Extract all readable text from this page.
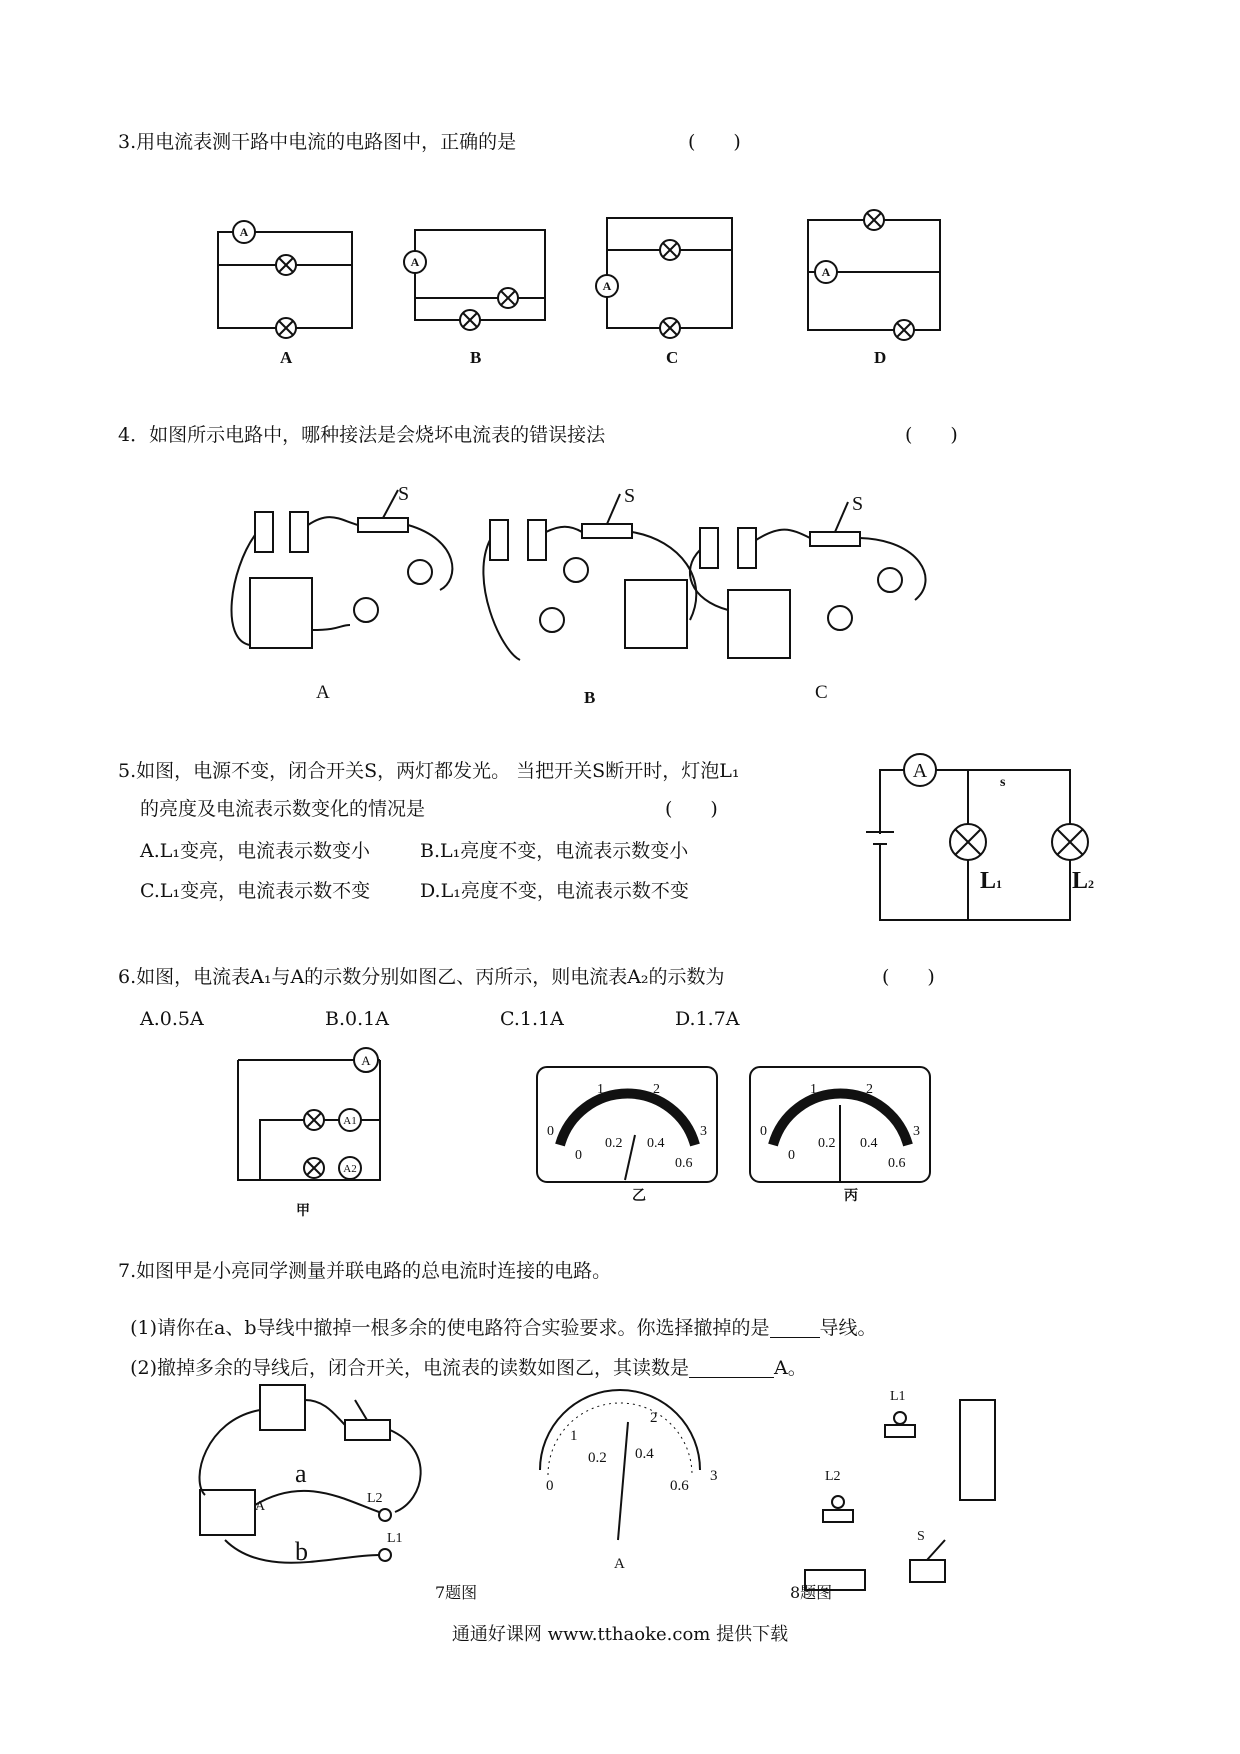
3.用电流表测干路中电流的电路图中，正确的是	(　　)
A
A
A
A
A	B	C	D
4．如图所示电路中，哪种接法是会烧坏电流表的错误接法	(　　)
S	S	S
A	B	C
5.如图，电源不变，闭合开关S，两灯都发光。 当把开关S断开时，灯泡L₁
的亮度及电流表示数变化的情况是	(　　)
A.L₁变亮，电流表示数变小	B.L₁亮度不变，电流表示数变小
C.L₁变亮，电流表示数不变	D.L₁亮度不变，电流表示数不变
A
s
L1	L2
6.如图，电流表A₁与A的示数分别如图乙、丙所示，则电流表A₂的示数为	(　　)
A.0.5A	B.0.1A	C.1.1A	D.1.7A
A
A1
A2
甲
0
1	2
3
0
0.2 0.4
0.6
乙
0
1	2
3
0
0.2 0.4
0.6
丙
7.如图甲是小亮同学测量并联电路的总电流时连接的电路。

(1)请你在a、b导线中撤掉一根多余的使电路符合实验要求。你选择撤掉的是	导线。

(2)撤掉多余的导线后，闭合开关，电流表的读数如图乙，其读数是	A。

a
b
L2
L1
A
1
2
3
0
0.2 0.4
0.6
A
L1
L2
S
7题图	8题图
通通好课网 www.tthaoke.com 提供下载
